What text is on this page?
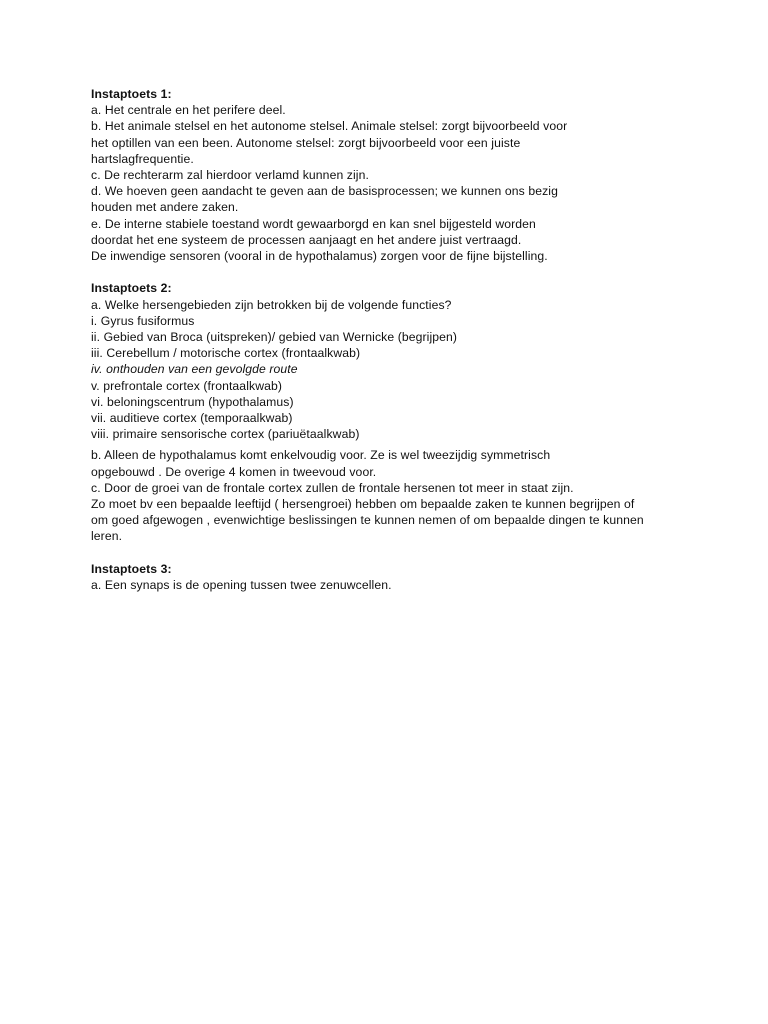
Instaptoets 1:
a. Het centrale en het perifere deel.
b. Het animale stelsel en het autonome stelsel. Animale stelsel: zorgt bijvoorbeeld voor
het optillen van een been. Autonome stelsel: zorgt bijvoorbeeld voor een juiste
hartslagfrequentie.
c. De rechterarm zal hierdoor verlamd kunnen zijn.
d. We hoeven geen aandacht te geven aan de basisprocessen; we kunnen ons bezig
houden met andere zaken.
e. De interne stabiele toestand wordt gewaarborgd en kan snel bijgesteld worden
doordat het ene systeem de processen aanjaagt en het andere juist vertraagd.
De inwendige sensoren (vooral in de hypothalamus) zorgen voor de fijne bijstelling.
Instaptoets 2:
a. Welke hersengebieden zijn betrokken bij de volgende functies?
i. Gyrus fusiformus
ii. Gebied van Broca (uitspreken)/ gebied van Wernicke (begrijpen)
iii. Cerebellum / motorische cortex (frontaalkwab)
iv. onthouden van een gevolgde route
v. prefrontale cortex (frontaalkwab)
vi. beloningscentrum (hypothalamus)
vii. auditieve cortex (temporaalkwab)
viii. primaire sensorische cortex (pariuëtaalkwab)
b. Alleen de hypothalamus komt enkelvoudig voor. Ze is wel tweezijdig symmetrisch
opgebouwd . De overige 4 komen in tweevoud voor.
c. Door de groei van de frontale cortex zullen de frontale hersenen tot meer in staat zijn.
Zo moet bv een bepaalde leeftijd ( hersengroei) hebben om bepaalde zaken te kunnen begrijpen of
om goed afgewogen , evenwichtige beslissingen te kunnen nemen of om bepaalde dingen te kunnen
leren.
Instaptoets 3:
a. Een synaps is de opening tussen twee zenuwcellen.
